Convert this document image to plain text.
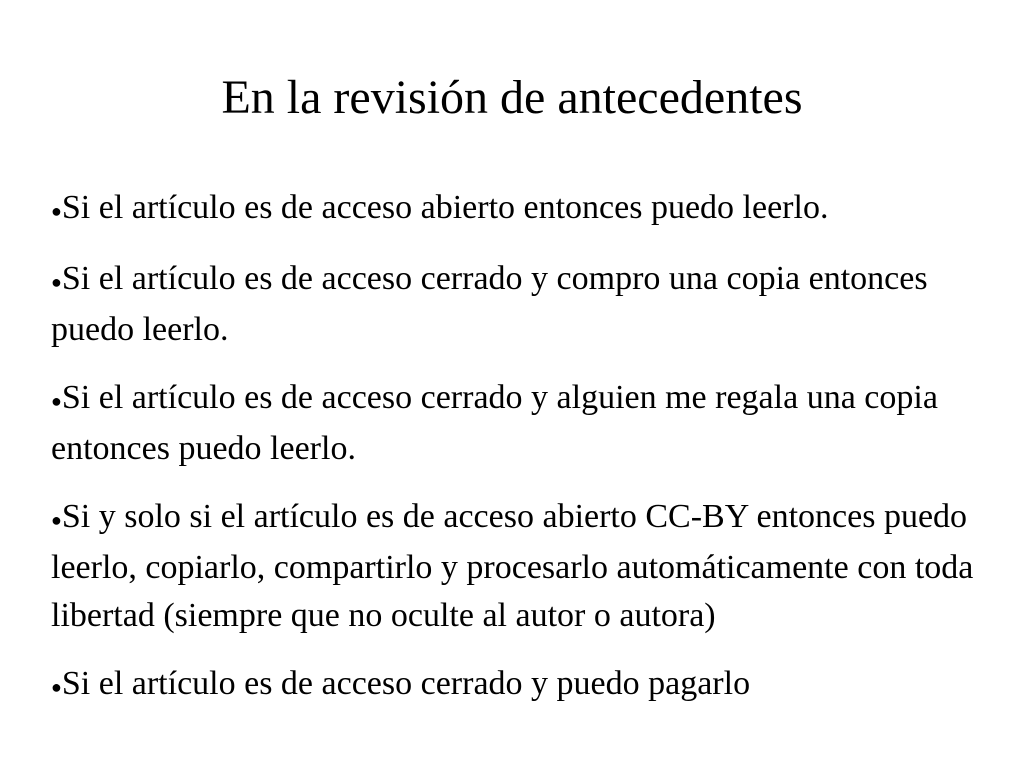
En la revisión de antecedentes
●Si el artículo es de acceso abierto entonces puedo leerlo.
●Si el artículo es de acceso cerrado y compro una copia entonces puedo leerlo.
●Si el artículo es de acceso cerrado y alguien me regala una copia entonces puedo leerlo.
●Si y solo si el artículo es de acceso abierto CC-BY entonces puedo leerlo, copiarlo, compartirlo y procesarlo automáticamente con toda libertad (siempre que no oculte al autor o autora)
●Si el artículo es de acceso cerrado y puedo pagarlo
